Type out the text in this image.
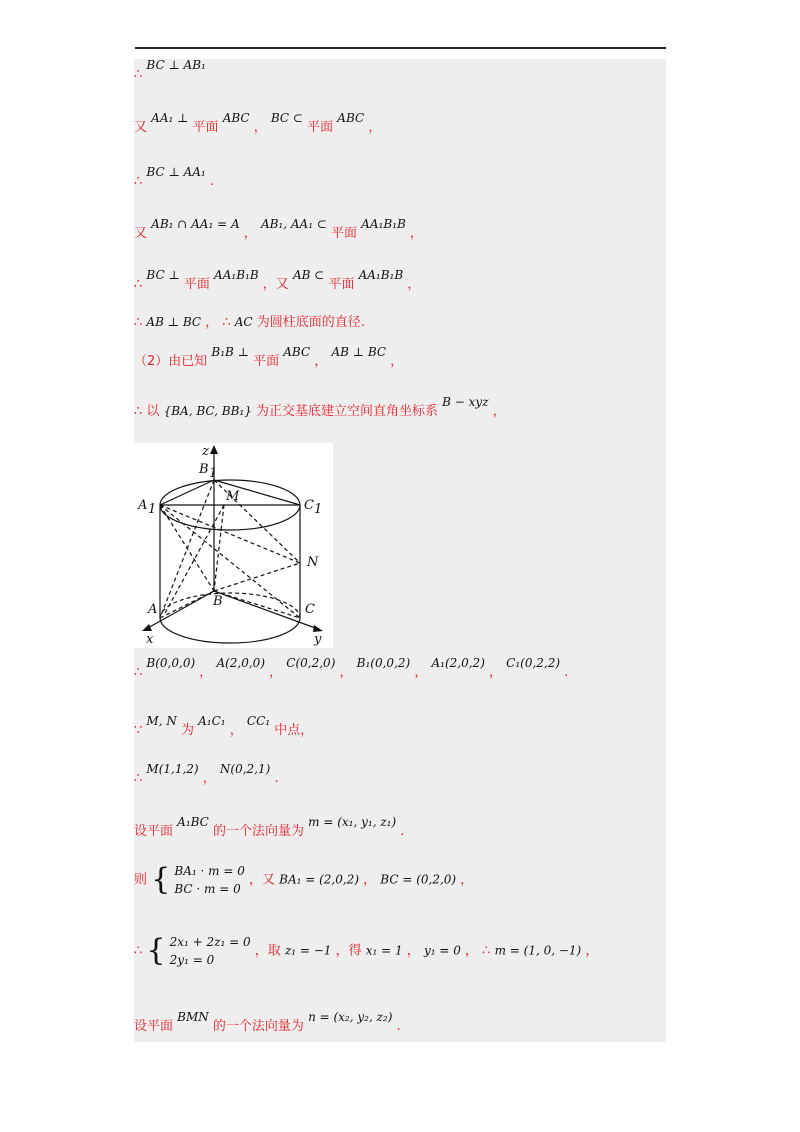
∴ BC ⊥ AB₁
又 AA₁ ⊥ 平面 ABC ， BC ⊂ 平面 ABC ，
∴ BC ⊥ AA₁ .
又 AB₁ ∩ AA₁ = A ， AB₁, AA₁ ⊂ 平面 AA₁B₁B ，
∴ BC ⊥ 平面 AA₁B₁B ，又 AB ⊂ 平面 AA₁B₁B ，
∴ AB ⊥ BC ， ∴ AC 为圆柱底面的直径.
（2）由已知 B₁B ⊥ 平面 ABC ， AB ⊥ BC ，
∴ 以 {BA, BC, BB₁} 为正交基底建立空间直角坐标系 B − xyz ，
z
B 1
M
A 1	C 1
N
B
A	C
x	y
∴ B(0,0,0) ， A(2,0,0) ， C(0,2,0) ， B₁(0,0,2) ， A₁(2,0,2) ， C₁(0,2,2) .
∵ M, N 为 A₁C₁ ， CC₁ 中点，
∴ M(1,1,2) ， N(0,2,1) .
设平面 A₁BC 的一个法向量为 m = (x₁, y₁, z₁) .
则 { BA₁ · m = 0
BC · m = 0 ，又 BA₁ = (2,0,2) ， BC = (0,2,0) ，
∴ { 2x₁ + 2z₁ = 0
2y₁ = 0 ，取 z₁ = −1 ，得 x₁ = 1 ， y₁ = 0 ， ∴ m = (1, 0, −1) ，
设平面 BMN 的一个法向量为 n = (x₂, y₂, z₂) .
